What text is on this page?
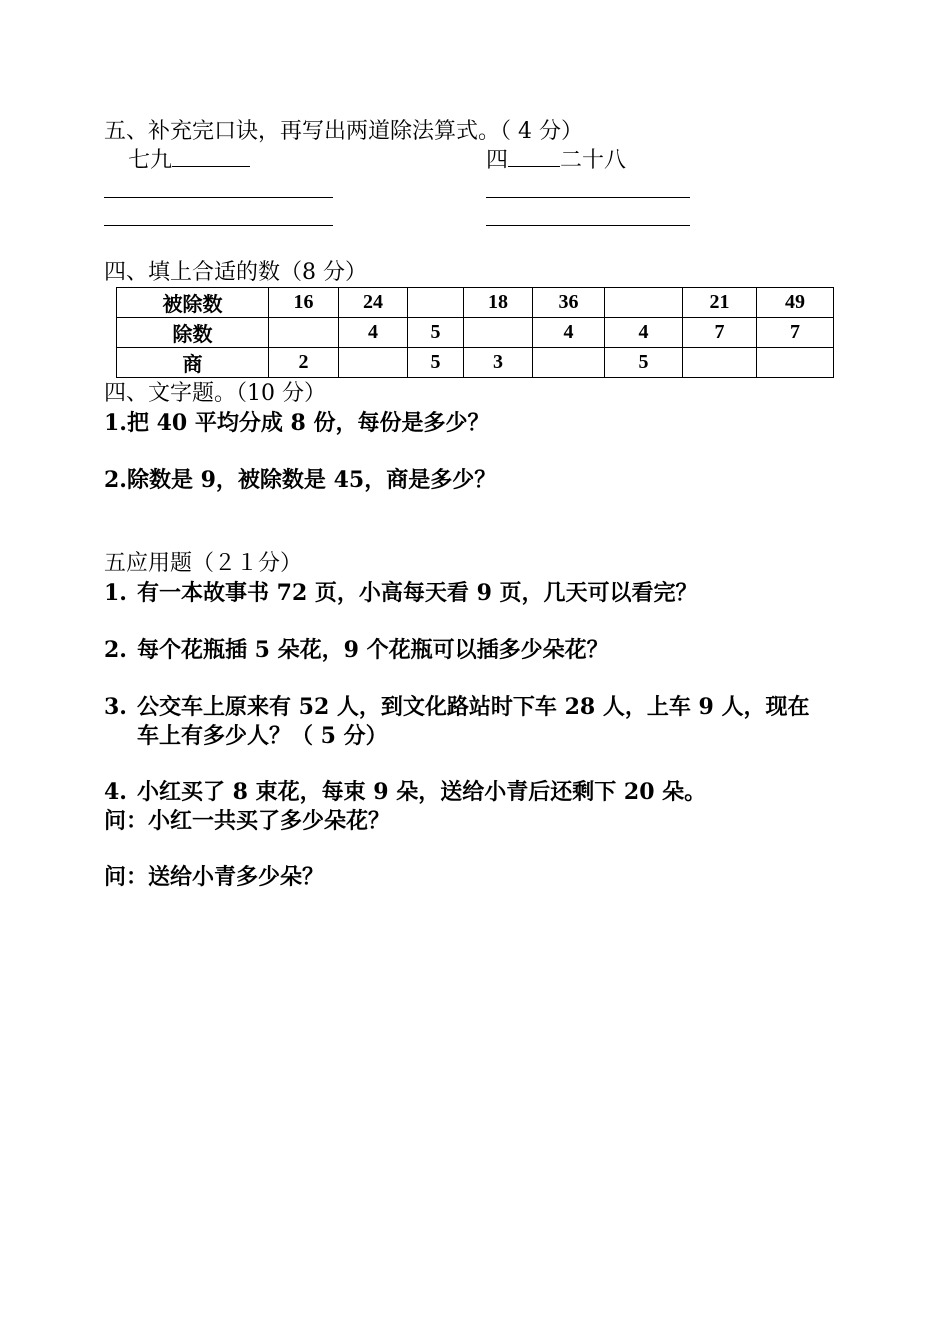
五、补充完口诀，再写出两道除法算式。（ 4 分）
七九	四 二十八
四、填上合适的数（8 分）
被除数	16	24		18	36		21	49
除数		4	5		4	4	7	7
商	2		5	3		5		
四、文字题。（10 分）
1.把 40 平均分成 8 份，每份是多少？
2.除数是 9，被除数是 45，商是多少？
五应用题（２１分）
1. 有一本故事书 72 页，小高每天看 9 页，几天可以看完？
2. 每个花瓶插 5 朵花，9 个花瓶可以插多少朵花？
3. 公交车上原来有 52 人，到文化路站时下车 28 人，上车 9 人，现在
车上有多少人？（ 5 分）
4. 小红买了 8 束花，每束 9 朵，送给小青后还剩下 20 朵。
问：小红一共买了多少朵花？
问：送给小青多少朵？
